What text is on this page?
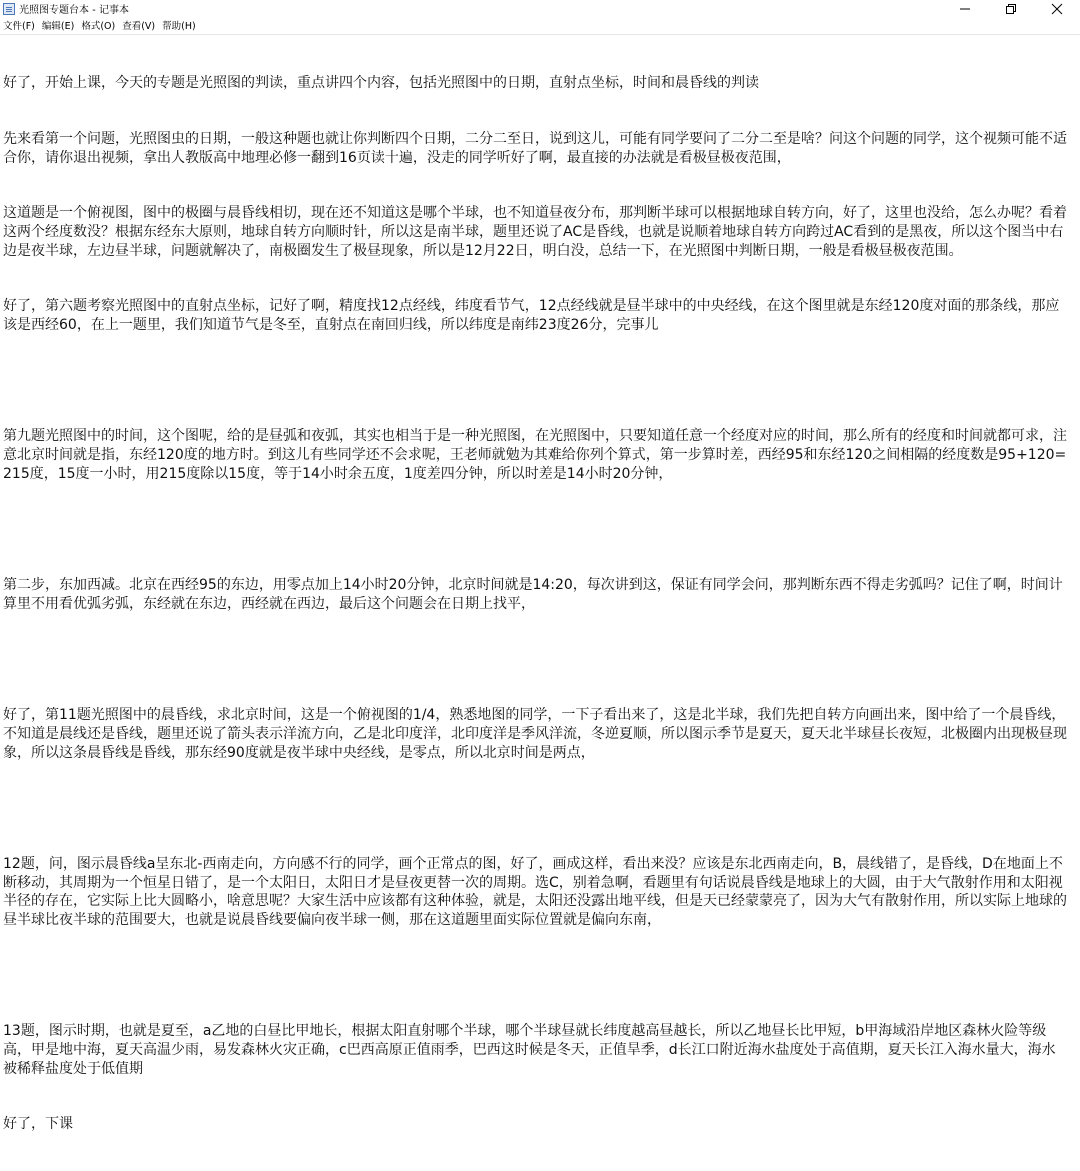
光照图专题台本 - 记事本
文件(F) 编辑(E) 格式(O) 查看(V) 帮助(H)

好了，开始上课，今天的专题是光照图的判读，重点讲四个内容，包括光照图中的日期，直射点坐标，时间和晨昏线的判读

先来看第一个问题，光照图虫的日期，一般这种题也就让你判断四个日期，二分二至日，说到这儿，可能有同学要问了二分二至是啥？问这个问题的同学，这个视频可能不适合你，请你退出视频，拿出人教版高中地理必修一翻到16页读十遍，没走的同学听好了啊，最直接的办法就是看极昼极夜范围，

这道题是一个俯视图，图中的极圈与晨昏线相切，现在还不知道这是哪个半球，也不知道昼夜分布，那判断半球可以根据地球自转方向，好了，这里也没给，怎么办呢？看着这两个经度数没？根据东经东大原则，地球自转方向顺时针，所以这是南半球，题里还说了AC是昏线，也就是说顺着地球自转方向跨过AC看到的是黑夜，所以这个图当中右边是夜半球，左边昼半球，问题就解决了，南极圈发生了极昼现象，所以是12月22日，明白没，总结一下，在光照图中判断日期，一般是看极昼极夜范围。

好了，第六题考察光照图中的直射点坐标，记好了啊，精度找12点经线，纬度看节气，12点经线就是昼半球中的中央经线，在这个图里就是东经120度对面的那条线，那应该是西经60，在上一题里，我们知道节气是冬至，直射点在南回归线，所以纬度是南纬23度26分，完事儿

第九题光照图中的时间，这个图呢，给的是昼弧和夜弧，其实也相当于是一种光照图，在光照图中，只要知道任意一个经度对应的时间，那么所有的经度和时间就都可求，注意北京时间就是指，东经120度的地方时。到这儿有些同学还不会求呢，王老师就勉为其难给你列个算式，第一步算时差，西经95和东经120之间相隔的经度数是95+120=215度，15度一小时，用215度除以15度，等于14小时余五度，1度差四分钟，所以时差是14小时20分钟，

第二步，东加西减。北京在西经95的东边，用零点加上14小时20分钟，北京时间就是14:20，每次讲到这，保证有同学会问，那判断东西不得走劣弧吗？记住了啊，时间计算里不用看优弧劣弧，东经就在东边，西经就在西边，最后这个问题会在日期上找平，

好了，第11题光照图中的晨昏线，求北京时间，这是一个俯视图的1/4，熟悉地图的同学，一下子看出来了，这是北半球，我们先把自转方向画出来，图中给了一个晨昏线，不知道是晨线还是昏线，题里还说了箭头表示洋流方向，乙是北印度洋，北印度洋是季风洋流，冬逆夏顺，所以图示季节是夏天，夏天北半球昼长夜短，北极圈内出现极昼现象，所以这条晨昏线是昏线，那东经90度就是夜半球中央经线，是零点，所以北京时间是两点，

12题，问，图示晨昏线a呈东北-西南走向，方向感不行的同学，画个正常点的图，好了，画成这样，看出来没？应该是东北西南走向，B，晨线错了，是昏线，D在地面上不断移动，其周期为一个恒星日错了，是一个太阳日，太阳日才是昼夜更替一次的周期。选C，别着急啊，看题里有句话说晨昏线是地球上的大圆，由于大气散射作用和太阳视半径的存在，它实际上比大圆略小，啥意思呢？大家生活中应该都有这种体验，就是，太阳还没露出地平线，但是天已经蒙蒙亮了，因为大气有散射作用，所以实际上地球的昼半球比夜半球的范围要大，也就是说晨昏线要偏向夜半球一侧，那在这道题里面实际位置就是偏向东南，

13题，图示时期，也就是夏至，a乙地的白昼比甲地长，根据太阳直射哪个半球，哪个半球昼就长纬度越高昼越长，所以乙地昼长比甲短，b甲海域沿岸地区森林火险等级高，甲是地中海，夏天高温少雨，易发森林火灾正确，c巴西高原正值雨季，巴西这时候是冬天，正值旱季，d长江口附近海水盐度处于高值期，夏天长江入海水量大，海水被稀释盐度处于低值期

好了，下课
